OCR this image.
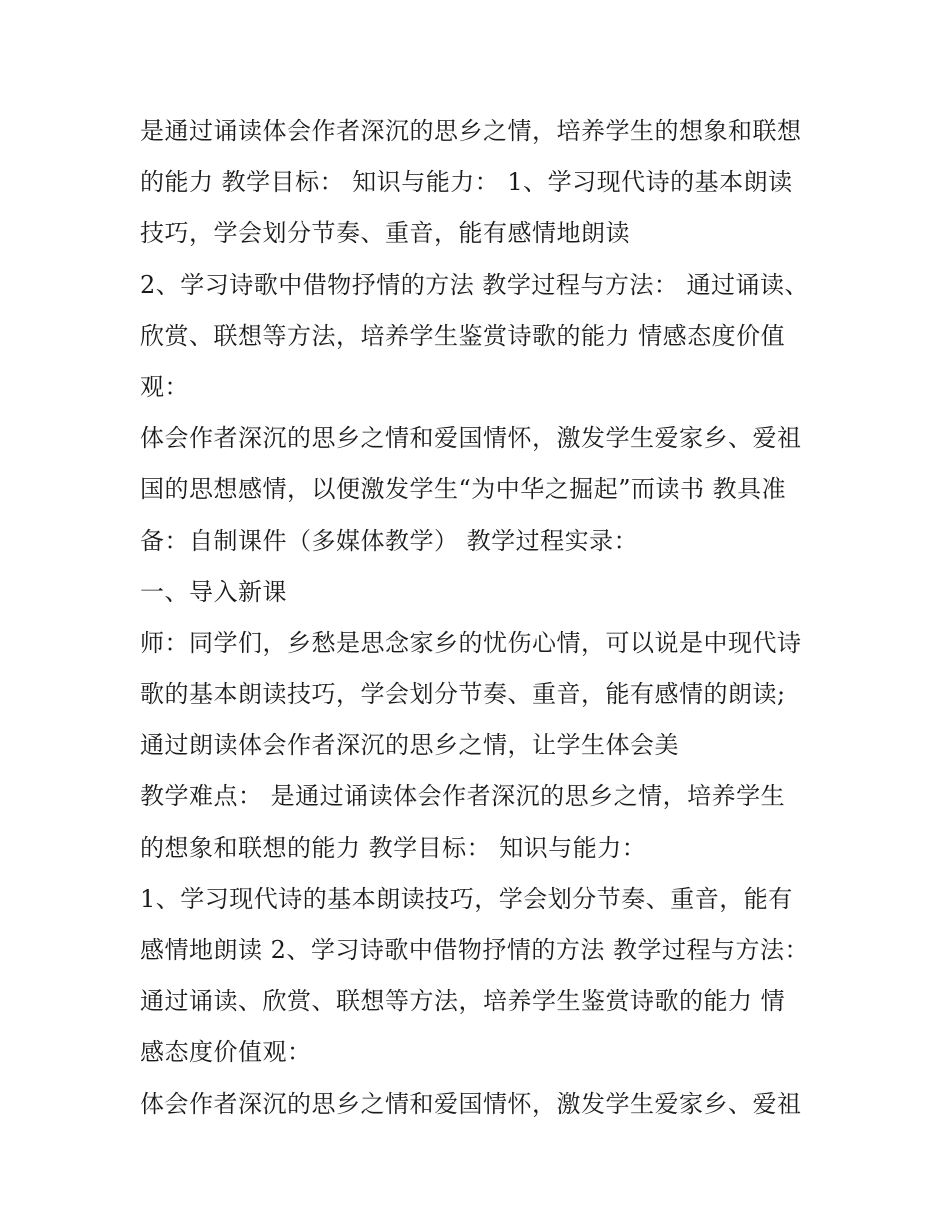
是通过诵读体会作者深沉的思乡之情，培养学生的想象和联想
的能力 教学目标： 知识与能力： 1、学习现代诗的基本朗读
技巧，学会划分节奏、重音，能有感情地朗读
2、学习诗歌中借物抒情的方法 教学过程与方法： 通过诵读、
欣赏、联想等方法，培养学生鉴赏诗歌的能力 情感态度价值
观：
体会作者深沉的思乡之情和爱国情怀，激发学生爱家乡、爱祖
国的思想感情，以便激发学生“为中华之掘起”而读书 教具准
备：自制课件（多媒体教学） 教学过程实录：
一、导入新课
师：同学们，乡愁是思念家乡的忧伤心情，可以说是中现代诗
歌的基本朗读技巧，学会划分节奏、重音，能有感情的朗读;
通过朗读体会作者深沉的思乡之情，让学生体会美
教学难点： 是通过诵读体会作者深沉的思乡之情，培养学生
的想象和联想的能力 教学目标： 知识与能力：
1、学习现代诗的基本朗读技巧，学会划分节奏、重音，能有
感情地朗读 2、学习诗歌中借物抒情的方法 教学过程与方法：
通过诵读、欣赏、联想等方法，培养学生鉴赏诗歌的能力 情
感态度价值观：
体会作者深沉的思乡之情和爱国情怀，激发学生爱家乡、爱祖
